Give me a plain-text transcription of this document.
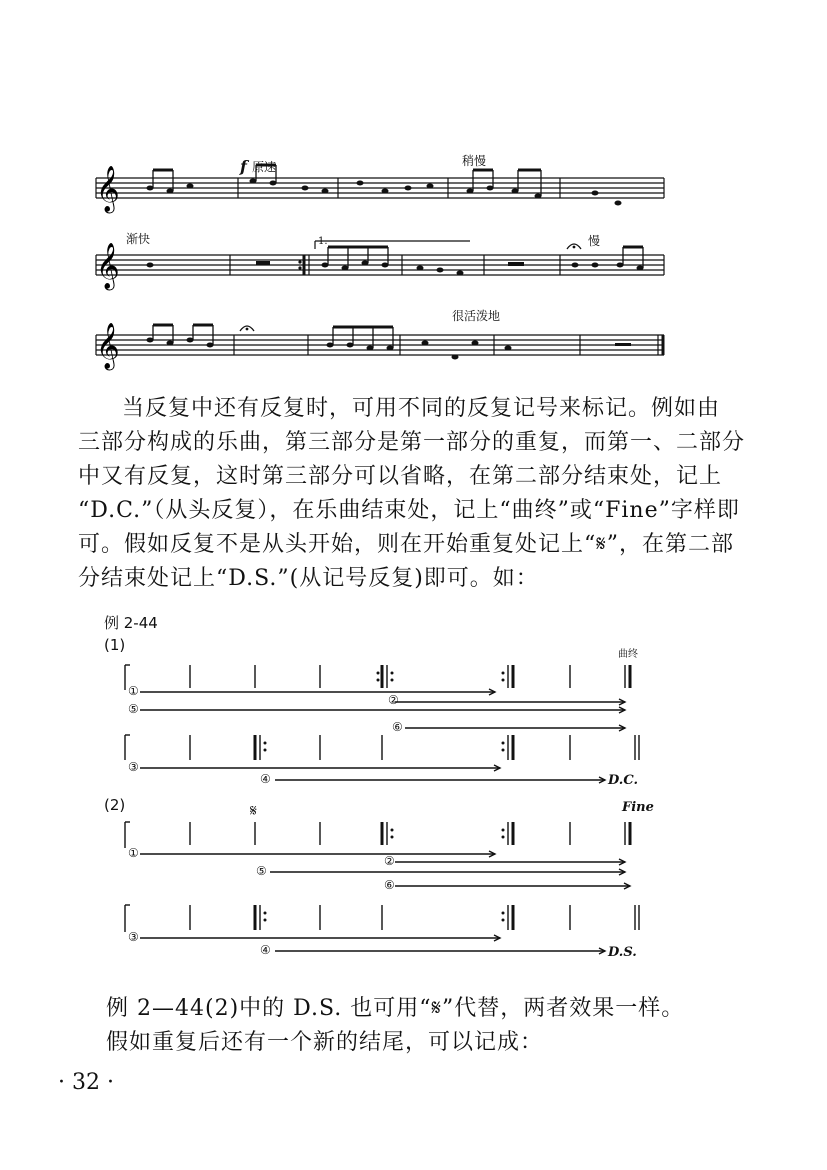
𝄞	f 原速	稍慢
𝄞
渐快	1.	慢
𝄞
很活泼地

当反复中还有反复时，可用不同的反复记号来标记。例如由

三部分构成的乐曲，第三部分是第一部分的重复，而第一、二部分

中又有反复，这时第三部分可以省略，在第二部分结束处，记上

“D.C.”（从头反复），在乐曲结束处，记上“曲终”或“Fine”字样即

可。假如反复不是从头开始，则在开始重复处记上“𝄋”，在第二部

分结束处记上“D.S.”(从记号反复)即可。如：

例 2-44
(1)
曲终
D.C.
(2)	Fine
D.S.
𝄋
①
②
⑤
⑥
③
④
①
②
⑤
⑥
③
④

例 2—44(2)中的 D.S. 也可用“𝄋”代替，两者效果一样。

假如重复后还有一个新的结尾，可以记成：

· 32 ·
